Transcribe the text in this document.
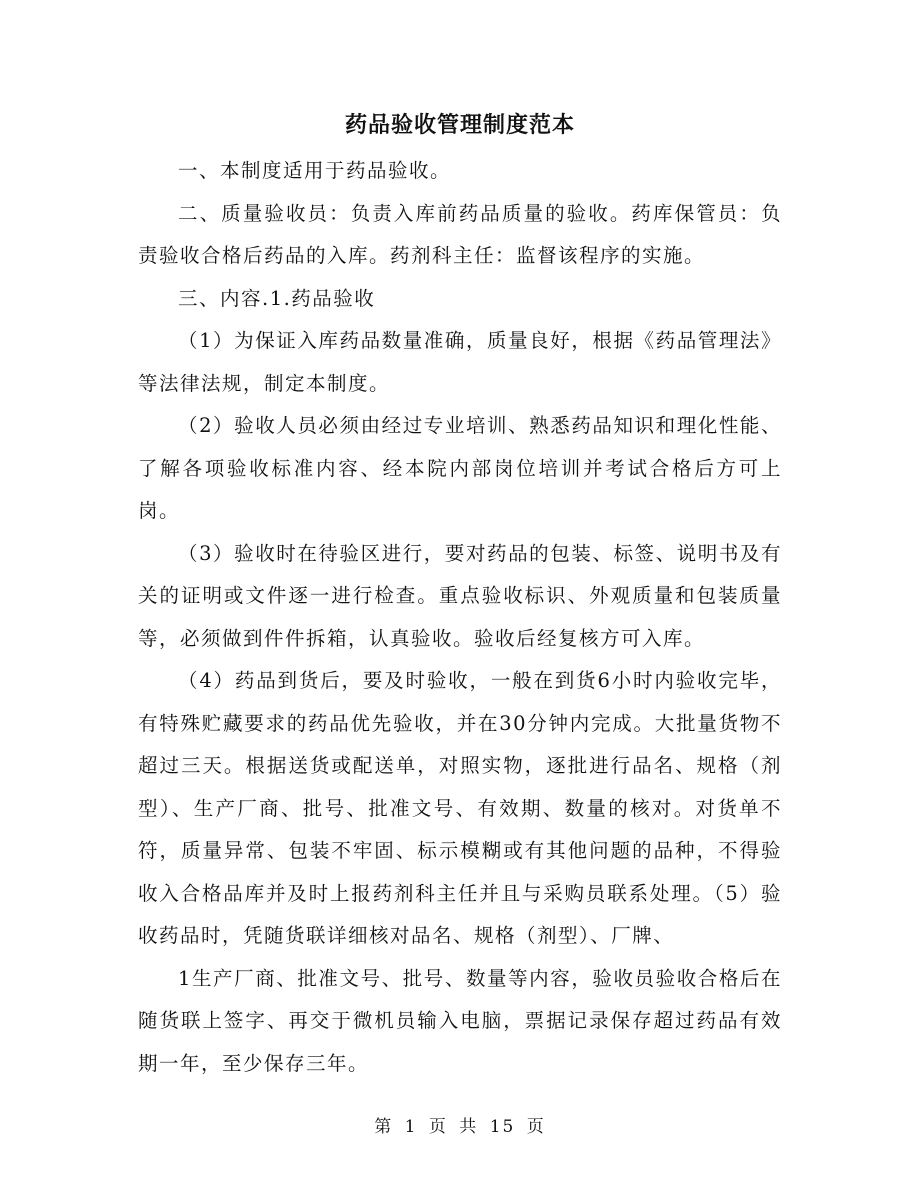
药品验收管理制度范本

一、本制度适用于药品验收。

二、质量验收员：负责入库前药品质量的验收。药库保管员：负责验收合格后药品的入库。药剂科主任：监督该程序的实施。

三、内容.1.药品验收

（1）为保证入库药品数量准确，质量良好，根据《药品管理法》等法律法规，制定本制度。

（2）验收人员必须由经过专业培训、熟悉药品知识和理化性能、了解各项验收标准内容、经本院内部岗位培训并考试合格后方可上岗。

（3）验收时在待验区进行，要对药品的包装、标签、说明书及有关的证明或文件逐一进行检查。重点验收标识、外观质量和包装质量等，必须做到件件拆箱，认真验收。验收后经复核方可入库。

（4）药品到货后，要及时验收，一般在到货6小时内验收完毕，有特殊贮藏要求的药品优先验收，并在30分钟内完成。大批量货物不超过三天。根据送货或配送单，对照实物，逐批进行品名、规格（剂型）、生产厂商、批号、批准文号、有效期、数量的核对。对货单不符，质量异常、包装不牢固、标示模糊或有其他问题的品种，不得验收入合格品库并及时上报药剂科主任并且与采购员联系处理。（5）验收药品时，凭随货联详细核对品名、规格（剂型）、厂牌、

1生产厂商、批准文号、批号、数量等内容，验收员验收合格后在随货联上签字、再交于微机员输入电脑，票据记录保存超过药品有效期一年，至少保存三年。

第 1 页 共 15 页
